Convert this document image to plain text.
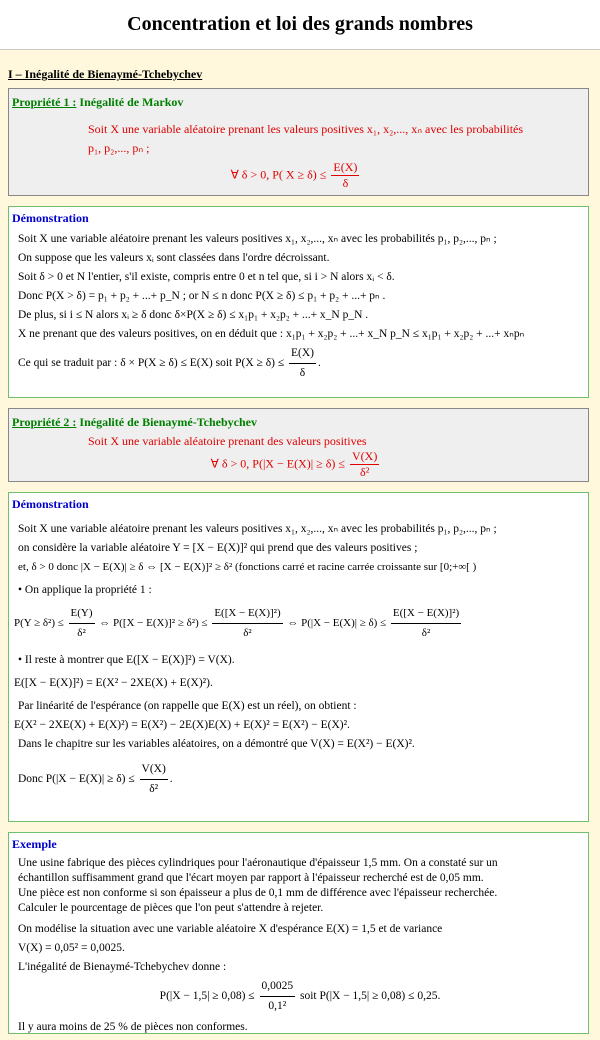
Concentration et loi des grands nombres
I – Inégalité de Bienaymé-Tchebychev
Propriété 1 : Inégalité de Markov
Soit X une variable aléatoire prenant les valeurs positives x₁, x₂,..., xₙ avec les probabilités
p₁, p₂,..., pₙ ;
∀ δ > 0, P( $X \ge \delta) \le \frac{E(X)}{\delta}$
Démonstration
Soit X une variable aléatoire prenant les valeurs positives x₁, x₂,..., xₙ avec les probabilités p₁, p₂,..., pₙ ;
On suppose que les valeurs xᵢ sont classées dans l'ordre décroissant.
Soit δ > 0 et N l'entier, s'il existe, compris entre 0 et n tel que, si i > N alors xᵢ < δ.
Donc P(X > δ) = p₁ + p₂ + ...+ p_N ; or N ≤ n donc P(X ≥ δ) ≤ p₁ + p₂ + ...+ pₙ .
De plus, si i ≤ N alors xᵢ ≥ δ donc δ×P(X ≥ δ) ≤ x₁p₁ + x₂p₂ + ...+ x_N p_N .
X ne prenant que des valeurs positives, on en déduit que : x₁p₁ + x₂p₂ + ...+ x_N p_N ≤ x₁p₁ + x₂p₂ + ...+ xₙpₙ
Ce qui se traduit par : δ × P(X ≥ δ) ≤ E(X) soit $P(X \ge \delta) \le \frac{E(X)}{\delta}$ .
Propriété 2 : Inégalité de Bienaymé-Tchebychev
Soit X une variable aléatoire prenant des valeurs positives
∀ δ > 0, $P(|X - E(X)| \ge \delta) \le \frac{V(X)}{\text{δ²}}$
Démonstration
Soit X une variable aléatoire prenant les valeurs positives x₁, x₂,..., xₙ avec les probabilités p₁, p₂,..., pₙ ;
on considère la variable aléatoire Y = [X − E(X)]² qui prend que des valeurs positives ;
et, δ > 0 donc |X − E(X)| ≥ δ ⇔ [X − E(X)]² ≥ δ² (fonctions carré et racine carrée croissante sur [0;+∞[ )
• On applique la propriété 1 :
$P(Y \ge \delta^2) \le \frac{E(Y)}{\text{δ²}}$ ⇔ $P([X - E(X)]^2 \ge \delta^2) \le \frac{\text{E([X − E(X)]²)}}{\text{δ²}}$ ⇔ $P(|X - E(X)| \ge \delta) \le \frac{\text{E([X − E(X)]²)}}{\text{δ²}}$
• Il reste à montrer que E([X − E(X)]²) = V(X).
E([X − E(X)]²) = E(X² − 2XE(X) + E(X)²).
Par linéarité de l'espérance (on rappelle que E(X) est un réel), on obtient :
E(X² − 2XE(X) + E(X)²) = E(X²) − 2E(X)E(X) + E(X)² = E(X²) − E(X)².
Dans le chapitre sur les variables aléatoires, on a démontré que V(X) = E(X²) − E(X)².
Donc $P(|X - E(X)| \ge \delta) \le \frac{V(X)}{\text{δ²}}$ .
Exemple
Une usine fabrique des pièces cylindriques pour l'aéronautique d'épaisseur 1,5 mm. On a constaté sur un
échantillon suffisamment grand que l'écart moyen par rapport à l'épaisseur recherché est de 0,05 mm.
Une pièce est non conforme si son épaisseur a plus de 0,1 mm de différence avec l'épaisseur recherchée.
Calculer le pourcentage de pièces que l'on peut s'attendre à rejeter.
On modélise la situation avec une variable aléatoire X d'espérance E(X) = 1,5 et de variance
V(X) = 0,05² = 0,0025.
L'inégalité de Bienaymé-Tchebychev donne :
$P(|X - 1,5| \ge 0,08) \le \frac{0,0025}{\text{0,1²}}$ soit P(|X − 1,5| ≥ 0,08) ≤ 0,25.
Il y aura moins de 25 % de pièces non conformes.
